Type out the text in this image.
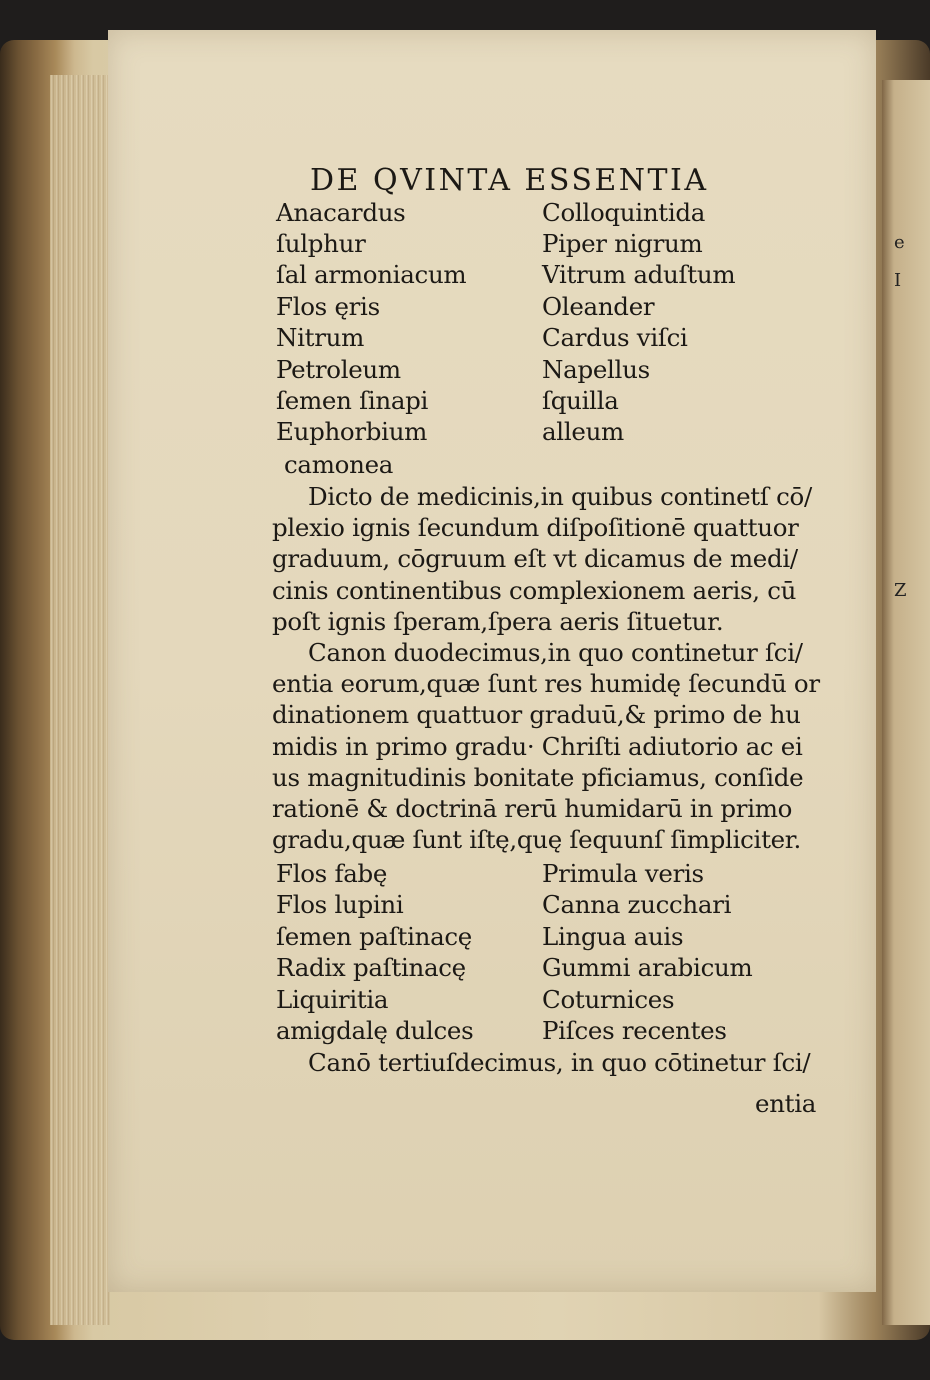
e
I
Z
DE QVINTA ESSENTIA
Anacardus
ſulphur
ſal armoniacum
Flos ęris
Nitrum
Petroleum
ſemen ſinapi
Euphorbium
camonea
Colloquintida
Piper nigrum
Vitrum aduſtum
Oleander
Cardus viſci
Napellus
ſquilla
alleum
Dicto de medicinis,in quibus continetſ cō/
plexio ignis ſecundum diſpoſitionē quattuor
graduum, cōgruum eſt vt dicamus de medi/
cinis continentibus complexionem aeris, cū
poſt ignis ſperam,ſpera aeris ſituetur.
Canon duodecimus,in quo continetur ſci/
entia eorum,quæ ſunt res humidę ſecundū or
dinationem quattuor graduū,& primo de hu
midis in primo gradu· Chriſti adiutorio ac ei
us magnitudinis bonitate pficiamus, conſide
rationē & doctrinā rerū humidarū in primo
gradu,quæ ſunt iſtę,quę ſequunſ ſimpliciter.
Flos fabę
Flos lupini
ſemen paſtinacę
Radix paſtinacę
Liquiritia
amigdalę dulces
Primula veris
Canna zucchari
Lingua auis
Gummi arabicum
Coturnices
Piſces recentes
Canō tertiuſdecimus, in quo cōtinetur ſci/
entia
